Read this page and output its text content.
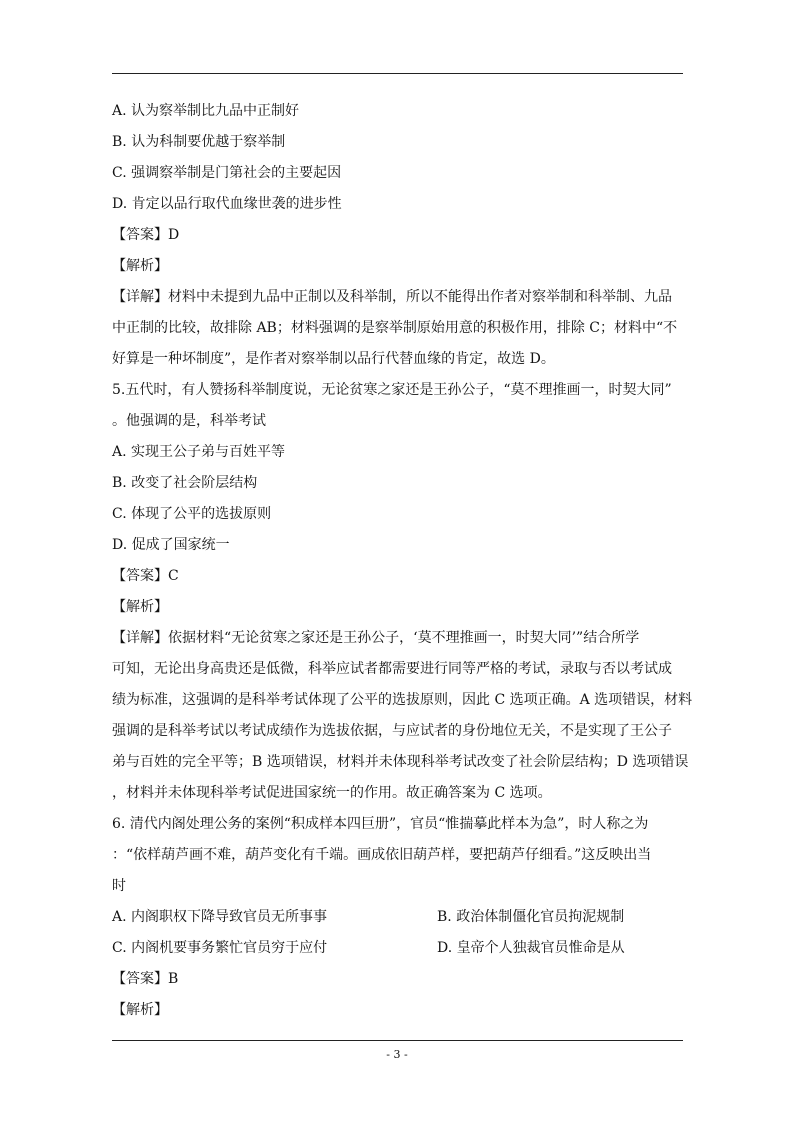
A. 认为察举制比九品中正制好
B. 认为科制要优越于察举制
C. 强调察举制是门第社会的主要起因
D. 肯定以品行取代血缘世袭的进步性
【答案】D
【解析】
【详解】材料中未提到九品中正制以及科举制，所以不能得出作者对察举制和科举制、九品
中正制的比较，故排除 AB；材料强调的是察举制原始用意的积极作用，排除 C；材料中“不
好算是一种坏制度”，是作者对察举制以品行代替血缘的肯定，故选 D。
5.五代时，有人赞扬科举制度说，无论贫寒之家还是王孙公子，“莫不理推画一，时契大同”
。他强调的是，科举考试
A. 实现王公子弟与百姓平等
B. 改变了社会阶层结构
C. 体现了公平的选拔原则
D. 促成了国家统一
【答案】C
【解析】
【详解】依据材料“无论贫寒之家还是王孙公子，‘莫不理推画一，时契大同’”结合所学
可知，无论出身高贵还是低微，科举应试者都需要进行同等严格的考试，录取与否以考试成
绩为标准，这强调的是科举考试体现了公平的选拔原则，因此 C 选项正确。A 选项错误，材料
强调的是科举考试以考试成绩作为选拔依据，与应试者的身份地位无关，不是实现了王公子
弟与百姓的完全平等；B 选项错误，材料并未体现科举考试改变了社会阶层结构；D 选项错误
，材料并未体现科举考试促进国家统一的作用。故正确答案为 C 选项。
6. 清代内阁处理公务的案例“积成样本四巨册”，官员“惟揣摹此样本为急”，时人称之为
：“依样葫芦画不难，葫芦变化有千端。画成依旧葫芦样，要把葫芦仔细看。”这反映出当
时
A. 内阁职权下降导致官员无所事事	B. 政治体制僵化官员拘泥规制
C. 内阁机要事务繁忙官员穷于应付	D. 皇帝个人独裁官员惟命是从
【答案】B
【解析】
- 3 -
